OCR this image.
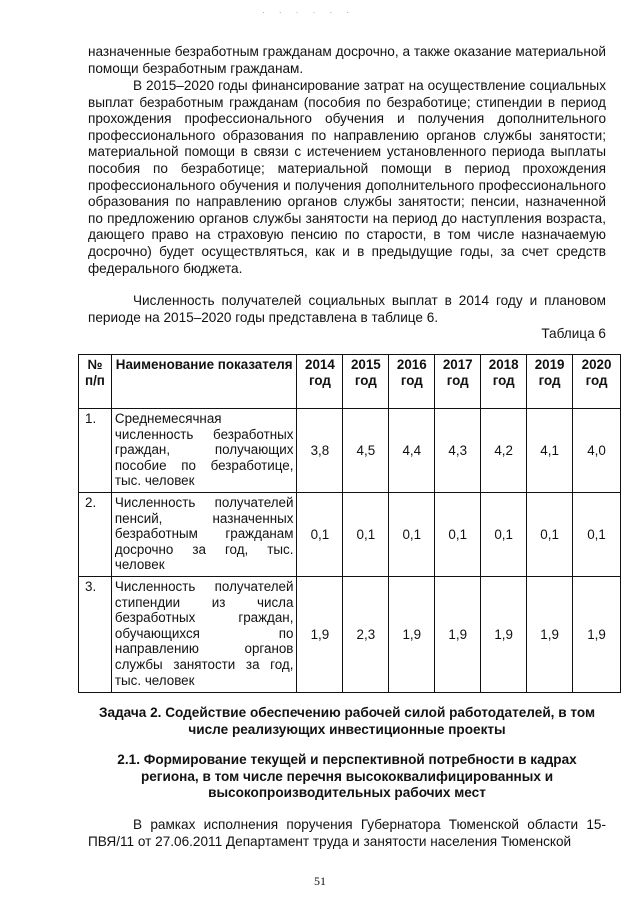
· · · · · ·

назначенные безработным гражданам досрочно, а также оказание материальной помощи безработным гражданам.

В 2015–2020 годы финансирование затрат на осуществление социальных выплат безработным гражданам (пособия по безработице; стипендии в период прохождения профессионального обучения и получения дополнительного профессионального образования по направлению органов службы занятости; материальной помощи в связи с истечением установленного периода выплаты пособия по безработице; материальной помощи в период прохождения профессионального обучения и получения дополнительного профессионального образования по направлению органов службы занятости; пенсии, назначенной по предложению органов службы занятости на период до наступления возраста, дающего право на страховую пенсию по старости, в том числе назначаемую досрочно) будет осуществляться, как и в предыдущие годы, за счет средств федерального бюджета.

Численность получателей социальных выплат в 2014 году и плановом периоде на 2015–2020 годы представлена в таблице 6.

Таблица 6
№ п/п	Наименование показателя	2014 год	2015 год	2016 год	2017 год	2018 год	2019 год	2020 год
1.	Среднемесячная численность безработных граждан, получающих пособие по безработице, тыс. человек	3,8	4,5	4,4	4,3	4,2	4,1	4,0
2.	Численность получателей пенсий, назначенных безработным гражданам досрочно за год, тыс. человек	0,1	0,1	0,1	0,1	0,1	0,1	0,1
3.	Численность получателей стипендии из числа безработных граждан, обучающихся по направлению органов службы занятости за год, тыс. человек	1,9	2,3	1,9	1,9	1,9	1,9	1,9
Задача 2. Содействие обеспечению рабочей силой работодателей, в том числе реализующих инвестиционные проекты
2.1. Формирование текущей и перспективной потребности в кадрах региона, в том числе перечня высококвалифицированных и высокопроизводительных рабочих мест

В рамках исполнения поручения Губернатора Тюменской области 15-ПВЯ/11 от 27.06.2011 Департамент труда и занятости населения Тюменской

51
